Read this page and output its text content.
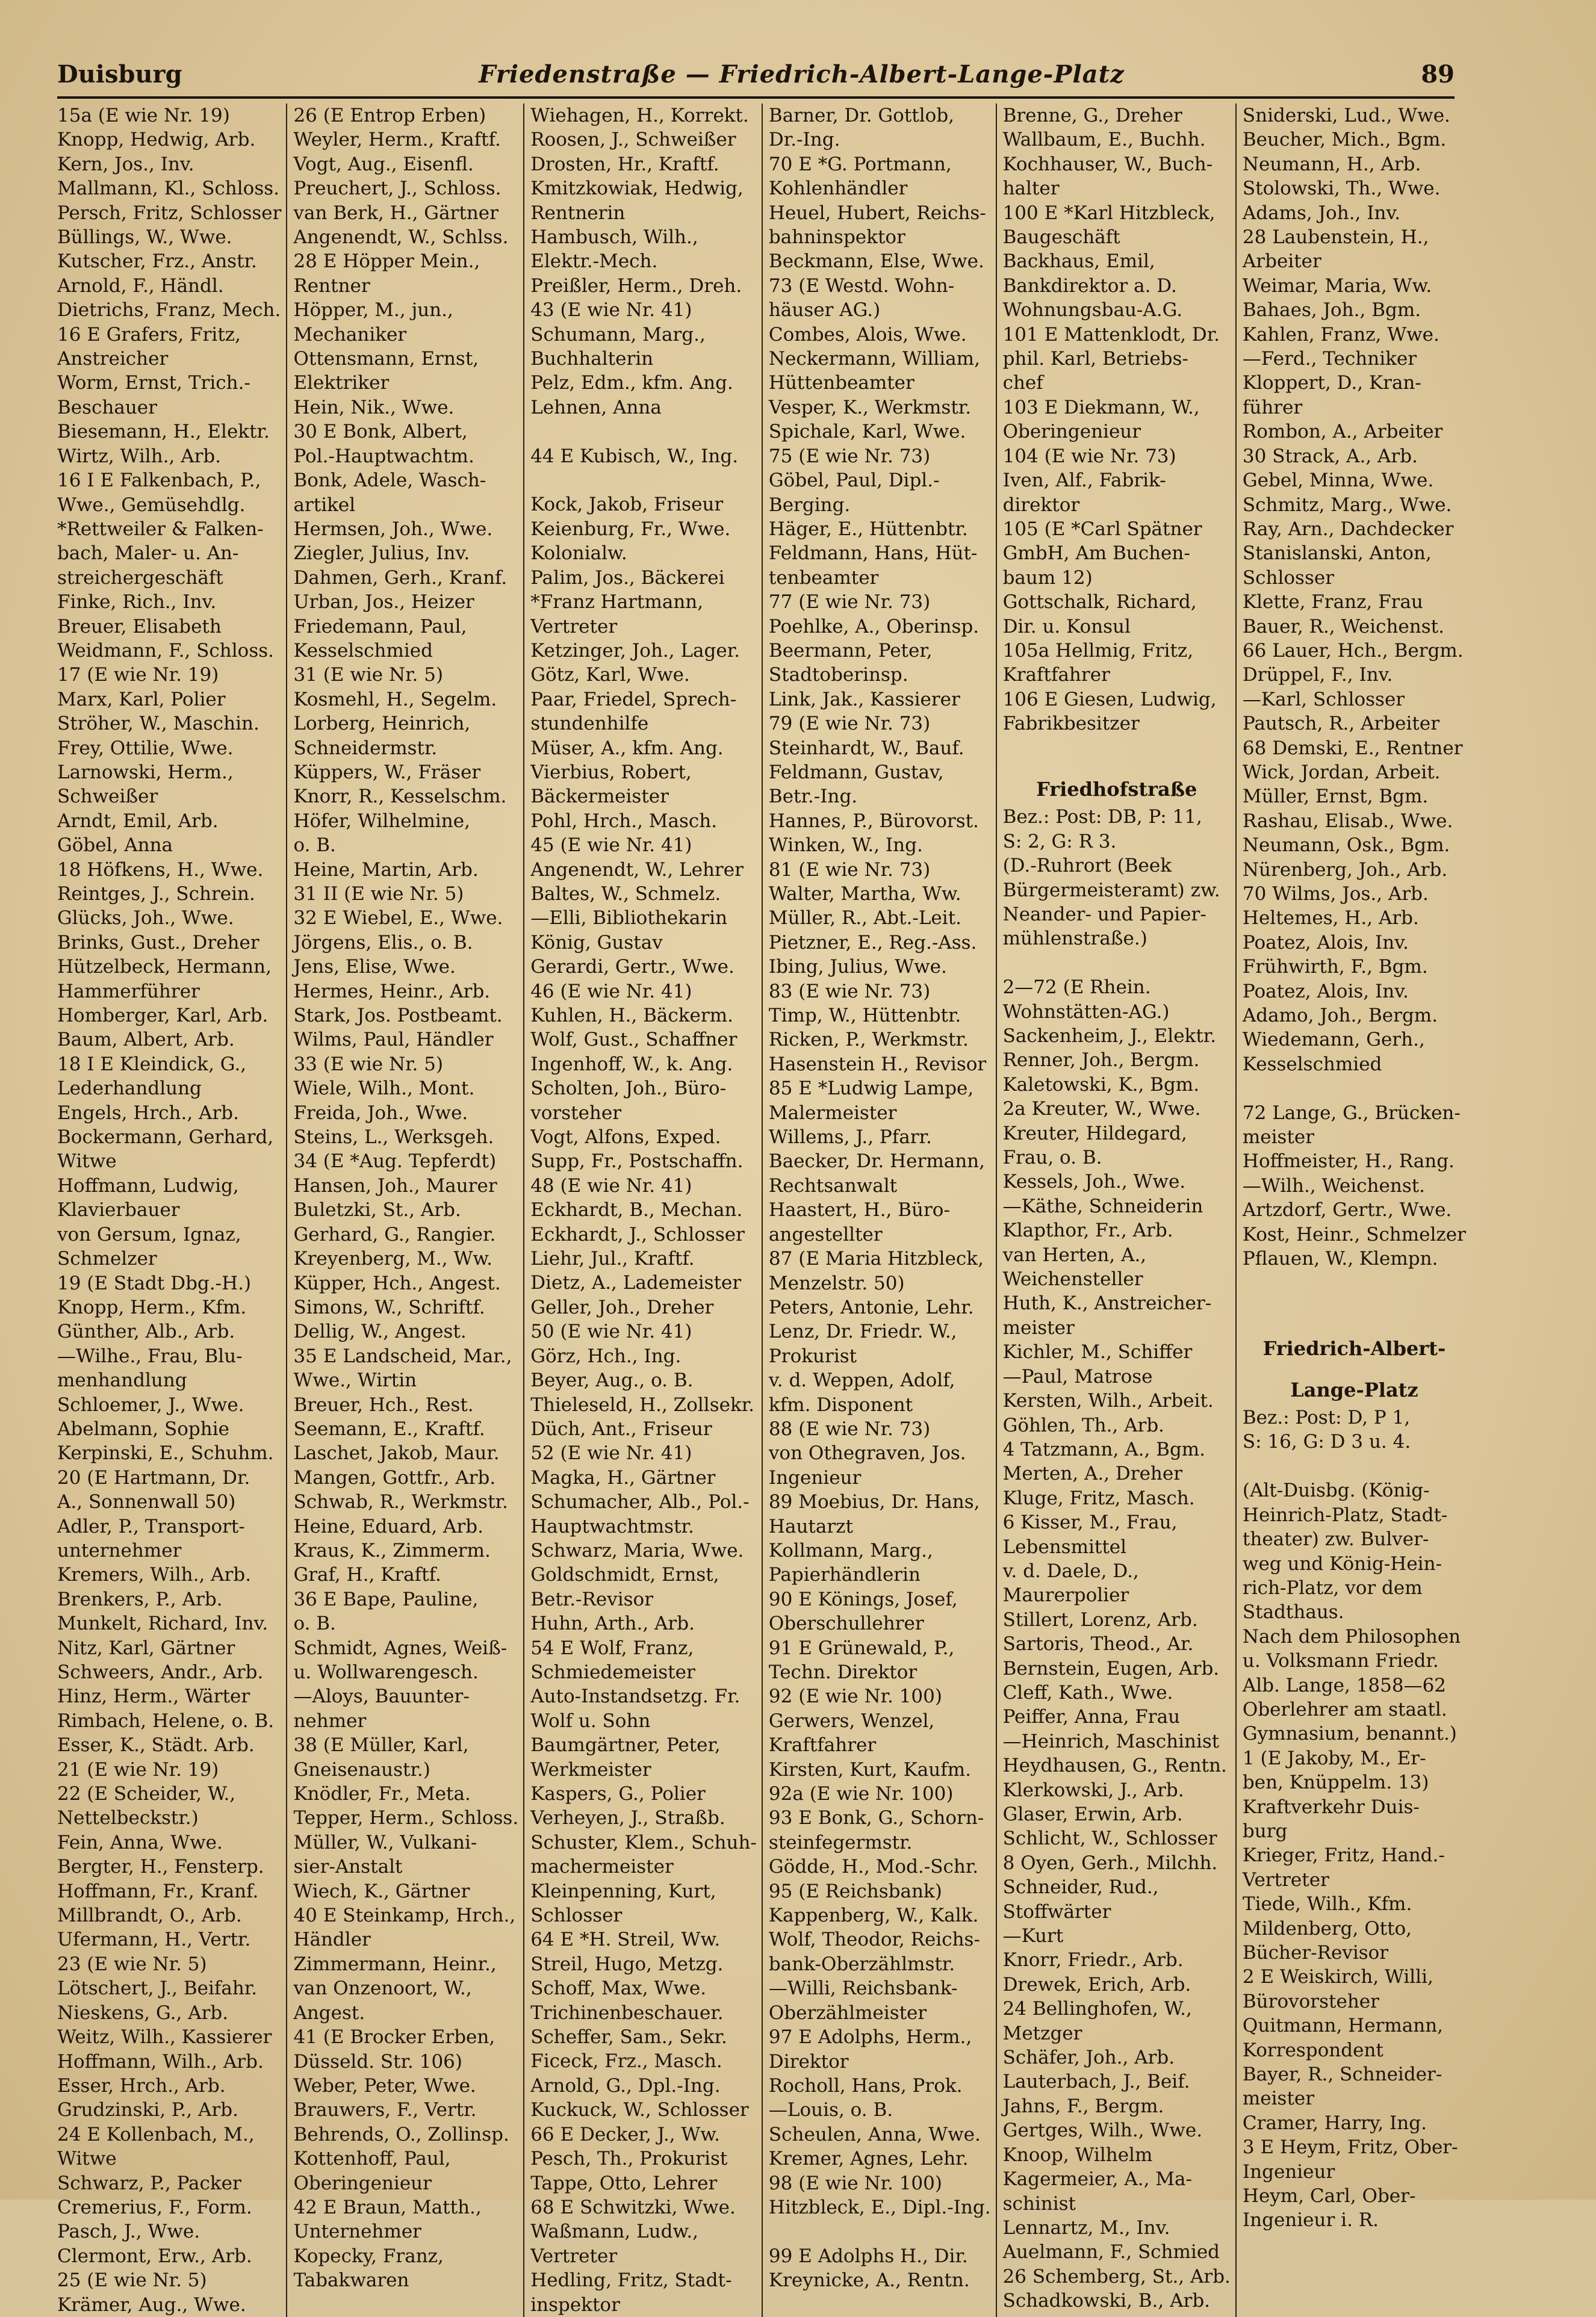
Duisburg	Friedenstraße — Friedrich-Albert-Lange-Platz	89

15a (E wie Nr. 19)

Knopp, Hedwig, Arb.

Kern, Jos., Inv.

Mallmann, Kl., Schloss.

Persch, Fritz, Schlosser

Büllings, W., Wwe.

Kutscher, Frz., Anstr.

Arnold, F., Händl.

Dietrichs, Franz, Mech.

16 E Grafers, Fritz,

Anstreicher

Worm, Ernst, Trich.-

Beschauer

Biesemann, H., Elektr.

Wirtz, Wilh., Arb.

16 I E Falkenbach, P.,

Wwe., Gemüsehdlg.

*Rettweiler & Falken-

bach, Maler- u. An-

streichergeschäft

Finke, Rich., Inv.

Breuer, Elisabeth

Weidmann, F., Schloss.

17 (E wie Nr. 19)

Marx, Karl, Polier

Ströher, W., Maschin.

Frey, Ottilie, Wwe.

Larnowski, Herm.,

Schweißer

Arndt, Emil, Arb.

Göbel, Anna

18 Höfkens, H., Wwe.

Reintges, J., Schrein.

Glücks, Joh., Wwe.

Brinks, Gust., Dreher

Hützelbeck, Hermann,

Hammerführer

Homberger, Karl, Arb.

Baum, Albert, Arb.

18 I E Kleindick, G.,

Lederhandlung

Engels, Hrch., Arb.

Bockermann, Gerhard,

Witwe

Hoffmann, Ludwig,

Klavierbauer

von Gersum, Ignaz,

Schmelzer

19 (E Stadt Dbg.-H.)

Knopp, Herm., Kfm.

Günther, Alb., Arb.

—Wilhe., Frau, Blu-

menhandlung

Schloemer, J., Wwe.

Abelmann, Sophie

Kerpinski, E., Schuhm.

20 (E Hartmann, Dr.

A., Sonnenwall 50)

Adler, P., Transport-

unternehmer

Kremers, Wilh., Arb.

Brenkers, P., Arb.

Munkelt, Richard, Inv.

Nitz, Karl, Gärtner

Schweers, Andr., Arb.

Hinz, Herm., Wärter

Rimbach, Helene, o. B.

Esser, K., Städt. Arb.

21 (E wie Nr. 19)

22 (E Scheider, W.,

Nettelbeckstr.)

Fein, Anna, Wwe.

Bergter, H., Fensterp.

Hoffmann, Fr., Kranf.

Millbrandt, O., Arb.

Ufermann, H., Vertr.

23 (E wie Nr. 5)

Lötschert, J., Beifahr.

Nieskens, G., Arb.

Weitz, Wilh., Kassierer

Hoffmann, Wilh., Arb.

Esser, Hrch., Arb.

Grudzinski, P., Arb.

24 E Kollenbach, M.,

Witwe

Schwarz, P., Packer

Cremerius, F., Form.

Pasch, J., Wwe.

Clermont, Erw., Arb.

25 (E wie Nr. 5)

Krämer, Aug., Wwe.

26 (E Entrop Erben)

Weyler, Herm., Kraftf.

Vogt, Aug., Eisenfl.

Preuchert, J., Schloss.

van Berk, H., Gärtner

Angenendt, W., Schlss.

28 E Höpper Mein.,

Rentner

Höpper, M., jun.,

Mechaniker

Ottensmann, Ernst,

Elektriker

Hein, Nik., Wwe.

30 E Bonk, Albert,

Pol.-Hauptwachtm.

Bonk, Adele, Wasch-

artikel

Hermsen, Joh., Wwe.

Ziegler, Julius, Inv.

Dahmen, Gerh., Kranf.

Urban, Jos., Heizer

Friedemann, Paul,

Kesselschmied

31 (E wie Nr. 5)

Kosmehl, H., Segelm.

Lorberg, Heinrich,

Schneidermstr.

Küppers, W., Fräser

Knorr, R., Kesselschm.

Höfer, Wilhelmine,

o. B.

Heine, Martin, Arb.

31 II (E wie Nr. 5)

32 E Wiebel, E., Wwe.

Jörgens, Elis., o. B.

Jens, Elise, Wwe.

Hermes, Heinr., Arb.

Stark, Jos. Postbeamt.

Wilms, Paul, Händler

33 (E wie Nr. 5)

Wiele, Wilh., Mont.

Freida, Joh., Wwe.

Steins, L., Werksgeh.

34 (E *Aug. Tepferdt)

Hansen, Joh., Maurer

Buletzki, St., Arb.

Gerhard, G., Rangier.

Kreyenberg, M., Ww.

Küpper, Hch., Angest.

Simons, W., Schriftf.

Dellig, W., Angest.

35 E Landscheid, Mar.,

Wwe., Wirtin

Breuer, Hch., Rest.

Seemann, E., Kraftf.

Laschet, Jakob, Maur.

Mangen, Gottfr., Arb.

Schwab, R., Werkmstr.

Heine, Eduard, Arb.

Kraus, K., Zimmerm.

Graf, H., Kraftf.

36 E Bape, Pauline,

o. B.

Schmidt, Agnes, Weiß-

u. Wollwarengesch.

—Aloys, Bauunter-

nehmer

38 (E Müller, Karl,

Gneisenaustr.)

Knödler, Fr., Meta.

Tepper, Herm., Schloss.

Müller, W., Vulkani-

sier-Anstalt

Wiech, K., Gärtner

40 E Steinkamp, Hrch.,

Händler

Zimmermann, Heinr.,

van Onzenoort, W.,

Angest.

41 (E Brocker Erben,

Düsseld. Str. 106)

Weber, Peter, Wwe.

Brauwers, F., Vertr.

Behrends, O., Zollinsp.

Kottenhoff, Paul,

Oberingenieur

42 E Braun, Matth.,

Unternehmer

Kopecky, Franz,

Tabakwaren

Wiehagen, H., Korrekt.

Roosen, J., Schweißer

Drosten, Hr., Kraftf.

Kmitzkowiak, Hedwig,

Rentnerin

Hambusch, Wilh.,

Elektr.-Mech.

Preißler, Herm., Dreh.

43 (E wie Nr. 41)

Schumann, Marg.,

Buchhalterin

Pelz, Edm., kfm. Ang.

Lehnen, Anna

44 E Kubisch, W., Ing.

Kock, Jakob, Friseur

Keienburg, Fr., Wwe.

Kolonialw.

Palim, Jos., Bäckerei

*Franz Hartmann,

Vertreter

Ketzinger, Joh., Lager.

Götz, Karl, Wwe.

Paar, Friedel, Sprech-

stundenhilfe

Müser, A., kfm. Ang.

Vierbius, Robert,

Bäckermeister

Pohl, Hrch., Masch.

45 (E wie Nr. 41)

Angenendt, W., Lehrer

Baltes, W., Schmelz.

—Elli, Bibliothekarin

König, Gustav

Gerardi, Gertr., Wwe.

46 (E wie Nr. 41)

Kuhlen, H., Bäckerm.

Wolf, Gust., Schaffner

Ingenhoff, W., k. Ang.

Scholten, Joh., Büro-

vorsteher

Vogt, Alfons, Exped.

Supp, Fr., Postschaffn.

48 (E wie Nr. 41)

Eckhardt, B., Mechan.

Eckhardt, J., Schlosser

Liehr, Jul., Kraftf.

Dietz, A., Lademeister

Geller, Joh., Dreher

50 (E wie Nr. 41)

Görz, Hch., Ing.

Beyer, Aug., o. B.

Thieleseld, H., Zollsekr.

Düch, Ant., Friseur

52 (E wie Nr. 41)

Magka, H., Gärtner

Schumacher, Alb., Pol.-

Hauptwachtmstr.

Schwarz, Maria, Wwe.

Goldschmidt, Ernst,

Betr.-Revisor

Huhn, Arth., Arb.

54 E Wolf, Franz,

Schmiedemeister

Auto-Instandsetzg. Fr.

Wolf u. Sohn

Baumgärtner, Peter,

Werkmeister

Kaspers, G., Polier

Verheyen, J., Straßb.

Schuster, Klem., Schuh-

machermeister

Kleinpenning, Kurt,

Schlosser

64 E *H. Streil, Ww.

Streil, Hugo, Metzg.

Schoff, Max, Wwe.

Trichinenbeschauer.

Scheffer, Sam., Sekr.

Ficeck, Frz., Masch.

Arnold, G., Dpl.-Ing.

Kuckuck, W., Schlosser

66 E Decker, J., Ww.

Pesch, Th., Prokurist

Tappe, Otto, Lehrer

68 E Schwitzki, Wwe.

Waßmann, Ludw.,

Vertreter

Hedling, Fritz, Stadt-

inspektor

Barner, Dr. Gottlob,

Dr.-Ing.

70 E *G. Portmann,

Kohlenhändler

Heuel, Hubert, Reichs-

bahninspektor

Beckmann, Else, Wwe.

73 (E Westd. Wohn-

häuser AG.)

Combes, Alois, Wwe.

Neckermann, William,

Hüttenbeamter

Vesper, K., Werkmstr.

Spichale, Karl, Wwe.

75 (E wie Nr. 73)

Göbel, Paul, Dipl.-

Berging.

Häger, E., Hüttenbtr.

Feldmann, Hans, Hüt-

tenbeamter

77 (E wie Nr. 73)

Poehlke, A., Oberinsp.

Beermann, Peter,

Stadtoberinsp.

Link, Jak., Kassierer

79 (E wie Nr. 73)

Steinhardt, W., Bauf.

Feldmann, Gustav,

Betr.-Ing.

Hannes, P., Bürovorst.

Winken, W., Ing.

81 (E wie Nr. 73)

Walter, Martha, Ww.

Müller, R., Abt.-Leit.

Pietzner, E., Reg.-Ass.

Ibing, Julius, Wwe.

83 (E wie Nr. 73)

Timp, W., Hüttenbtr.

Ricken, P., Werkmstr.

Hasenstein H., Revisor

85 E *Ludwig Lampe,

Malermeister

Willems, J., Pfarr.

Baecker, Dr. Hermann,

Rechtsanwalt

Haastert, H., Büro-

angestellter

87 (E Maria Hitzbleck,

Menzelstr. 50)

Peters, Antonie, Lehr.

Lenz, Dr. Friedr. W.,

Prokurist

v. d. Weppen, Adolf,

kfm. Disponent

88 (E wie Nr. 73)

von Othegraven, Jos.

Ingenieur

89 Moebius, Dr. Hans,

Hautarzt

Kollmann, Marg.,

Papierhändlerin

90 E Könings, Josef,

Oberschullehrer

91 E Grünewald, P.,

Techn. Direktor

92 (E wie Nr. 100)

Gerwers, Wenzel,

Kraftfahrer

Kirsten, Kurt, Kaufm.

92a (E wie Nr. 100)

93 E Bonk, G., Schorn-

steinfegermstr.

Gödde, H., Mod.-Schr.

95 (E Reichsbank)

Kappenberg, W., Kalk.

Wolf, Theodor, Reichs-

bank-Oberzählmstr.

—Willi, Reichsbank-

Oberzählmeister

97 E Adolphs, Herm.,

Direktor

Rocholl, Hans, Prok.

—Louis, o. B.

Scheulen, Anna, Wwe.

Kremer, Agnes, Lehr.

98 (E wie Nr. 100)

Hitzbleck, E., Dipl.-Ing.

99 E Adolphs H., Dir.

Kreynicke, A., Rentn.

Brenne, G., Dreher

Wallbaum, E., Buchh.

Kochhauser, W., Buch-

halter

100 E *Karl Hitzbleck,

Baugeschäft

Backhaus, Emil,

Bankdirektor a. D.

Wohnungsbau-A.G.

101 E Mattenklodt, Dr.

phil. Karl, Betriebs-

chef

103 E Diekmann, W.,

Oberingenieur

104 (E wie Nr. 73)

Iven, Alf., Fabrik-

direktor

105 (E *Carl Spätner

GmbH, Am Buchen-

baum 12)

Gottschalk, Richard,

Dir. u. Konsul

105a Hellmig, Fritz,

Kraftfahrer

106 E Giesen, Ludwig,

Fabrikbesitzer

Friedhofstraße

Bez.: Post: DB, P: 11,

S: 2, G: R 3.

(D.-Ruhrort (Beek

Bürgermeisteramt) zw.

Neander- und Papier-

mühlenstraße.)

2—72 (E Rhein.

Wohnstätten-AG.)

Sackenheim, J., Elektr.

Renner, Joh., Bergm.

Kaletowski, K., Bgm.

2a Kreuter, W., Wwe.

Kreuter, Hildegard,

Frau, o. B.

Kessels, Joh., Wwe.

—Käthe, Schneiderin

Klapthor, Fr., Arb.

van Herten, A.,

Weichensteller

Huth, K., Anstreicher-

meister

Kichler, M., Schiffer

—Paul, Matrose

Kersten, Wilh., Arbeit.

Göhlen, Th., Arb.

4 Tatzmann, A., Bgm.

Merten, A., Dreher

Kluge, Fritz, Masch.

6 Kisser, M., Frau,

Lebensmittel

v. d. Daele, D.,

Maurerpolier

Stillert, Lorenz, Arb.

Sartoris, Theod., Ar.

Bernstein, Eugen, Arb.

Cleff, Kath., Wwe.

Peiffer, Anna, Frau

—Heinrich, Maschinist

Heydhausen, G., Rentn.

Klerkowski, J., Arb.

Glaser, Erwin, Arb.

Schlicht, W., Schlosser

8 Oyen, Gerh., Milchh.

Schneider, Rud.,

Stoffwärter

—Kurt

Knorr, Friedr., Arb.

Drewek, Erich, Arb.

24 Bellinghofen, W.,

Metzger

Schäfer, Joh., Arb.

Lauterbach, J., Beif.

Jahns, F., Bergm.

Gertges, Wilh., Wwe.

Knoop, Wilhelm

Kagermeier, A., Ma-

schinist

Lennartz, M., Inv.

Auelmann, F., Schmied

26 Schemberg, St., Arb.

Schadkowski, B., Arb.

Sniderski, Lud., Wwe.

Beucher, Mich., Bgm.

Neumann, H., Arb.

Stolowski, Th., Wwe.

Adams, Joh., Inv.

28 Laubenstein, H.,

Arbeiter

Weimar, Maria, Ww.

Bahaes, Joh., Bgm.

Kahlen, Franz, Wwe.

—Ferd., Techniker

Kloppert, D., Kran-

führer

Rombon, A., Arbeiter

30 Strack, A., Arb.

Gebel, Minna, Wwe.

Schmitz, Marg., Wwe.

Ray, Arn., Dachdecker

Stanislanski, Anton,

Schlosser

Klette, Franz, Frau

Bauer, R., Weichenst.

66 Lauer, Hch., Bergm.

Drüppel, F., Inv.

—Karl, Schlosser

Pautsch, R., Arbeiter

68 Demski, E., Rentner

Wick, Jordan, Arbeit.

Müller, Ernst, Bgm.

Rashau, Elisab., Wwe.

Neumann, Osk., Bgm.

Nürenberg, Joh., Arb.

70 Wilms, Jos., Arb.

Heltemes, H., Arb.

Poatez, Alois, Inv.

Frühwirth, F., Bgm.

Poatez, Alois, Inv.

Adamo, Joh., Bergm.

Wiedemann, Gerh.,

Kesselschmied

72 Lange, G., Brücken-

meister

Hoffmeister, H., Rang.

—Wilh., Weichenst.

Artzdorf, Gertr., Wwe.

Kost, Heinr., Schmelzer

Pflauen, W., Klempn.

Friedrich-Albert-

Lange-Platz

Bez.: Post: D, P 1,

S: 16, G: D 3 u. 4.

(Alt-Duisbg. (König-

Heinrich-Platz, Stadt-

theater) zw. Bulver-

weg und König-Hein-

rich-Platz, vor dem

Stadthaus.

Nach dem Philosophen

u. Volksmann Friedr.

Alb. Lange, 1858—62

Oberlehrer am staatl.

Gymnasium, benannt.)

1 (E Jakoby, M., Er-

ben, Knüppelm. 13)

Kraftverkehr Duis-

burg

Krieger, Fritz, Hand.-

Vertreter

Tiede, Wilh., Kfm.

Mildenberg, Otto,

Bücher-Revisor

2 E Weiskirch, Willi,

Bürovorsteher

Quitmann, Hermann,

Korrespondent

Bayer, R., Schneider-

meister

Cramer, Harry, Ing.

3 E Heym, Fritz, Ober-

Ingenieur

Heym, Carl, Ober-

Ingenieur i. R.
